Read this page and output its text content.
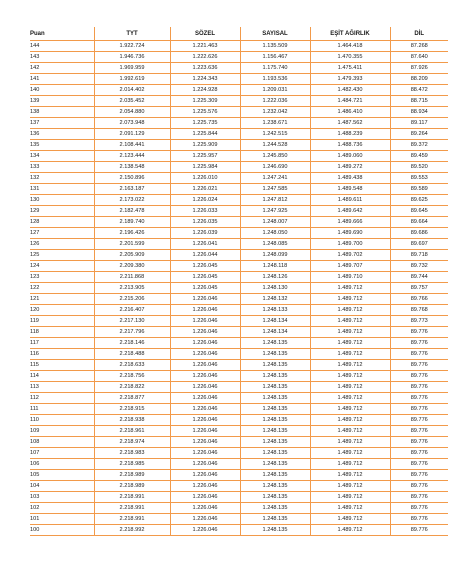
Puan	TYT	SÖZEL	SAYISAL	EŞİT AĞIRLIK	DİL
144	1.922.724	1.221.463	1.135.509	1.464.418	87.268
143	1.946.736	1.222.626	1.156.467	1.470.355	87.640
142	1.969.959	1.223.636	1.175.740	1.475.411	87.926
141	1.992.619	1.224.343	1.193.536	1.479.393	88.209
140	2.014.402	1.224.928	1.209.031	1.482.430	88.472
139	2.035.452	1.225.309	1.222.036	1.484.721	88.715
138	2.054.880	1.225.576	1.232.042	1.486.410	88.934
137	2.073.948	1.225.735	1.238.671	1.487.562	89.117
136	2.091.129	1.225.844	1.242.515	1.488.239	89.264
135	2.108.441	1.225.909	1.244.528	1.488.736	89.372
134	2.123.444	1.225.957	1.245.850	1.489.060	89.459
133	2.138.548	1.225.984	1.246.690	1.489.272	89.520
132	2.150.896	1.226.010	1.247.241	1.489.438	89.553
131	2.163.187	1.226.021	1.247.585	1.489.548	89.589
130	2.173.022	1.226.024	1.247.812	1.489.611	89.625
129	2.182.478	1.226.033	1.247.925	1.489.642	89.645
128	2.189.740	1.226.035	1.248.007	1.489.666	89.664
127	2.196.426	1.226.039	1.248.050	1.489.690	89.686
126	2.201.599	1.226.041	1.248.085	1.489.700	89.697
125	2.205.909	1.226.044	1.248.099	1.489.702	89.718
124	2.209.380	1.226.045	1.248.118	1.489.707	89.732
123	2.211.868	1.226.045	1.248.126	1.489.710	89.744
122	2.213.905	1.226.045	1.248.130	1.489.712	89.757
121	2.215.206	1.226.046	1.248.132	1.489.712	89.766
120	2.216.407	1.226.046	1.248.133	1.489.712	89.768
119	2.217.130	1.226.046	1.248.134	1.489.712	89.773
118	2.217.796	1.226.046	1.248.134	1.489.712	89.776
117	2.218.146	1.226.046	1.248.135	1.489.712	89.776
116	2.218.488	1.226.046	1.248.135	1.489.712	89.776
115	2.218.633	1.226.046	1.248.135	1.489.712	89.776
114	2.218.756	1.226.046	1.248.135	1.489.712	89.776
113	2.218.822	1.226.046	1.248.135	1.489.712	89.776
112	2.218.877	1.226.046	1.248.135	1.489.712	89.776
111	2.218.915	1.226.046	1.248.135	1.489.712	89.776
110	2.218.938	1.226.046	1.248.135	1.489.712	89.776
109	2.218.961	1.226.046	1.248.135	1.489.712	89.776
108	2.218.974	1.226.046	1.248.135	1.489.712	89.776
107	2.218.983	1.226.046	1.248.135	1.489.712	89.776
106	2.218.985	1.226.046	1.248.135	1.489.712	89.776
105	2.218.989	1.226.046	1.248.135	1.489.712	89.776
104	2.218.989	1.226.046	1.248.135	1.489.712	89.776
103	2.218.991	1.226.046	1.248.135	1.489.712	89.776
102	2.218.991	1.226.046	1.248.135	1.489.712	89.776
101	2.218.991	1.226.046	1.248.135	1.489.712	89.776
100	2.218.992	1.226.046	1.248.135	1.489.712	89.776
